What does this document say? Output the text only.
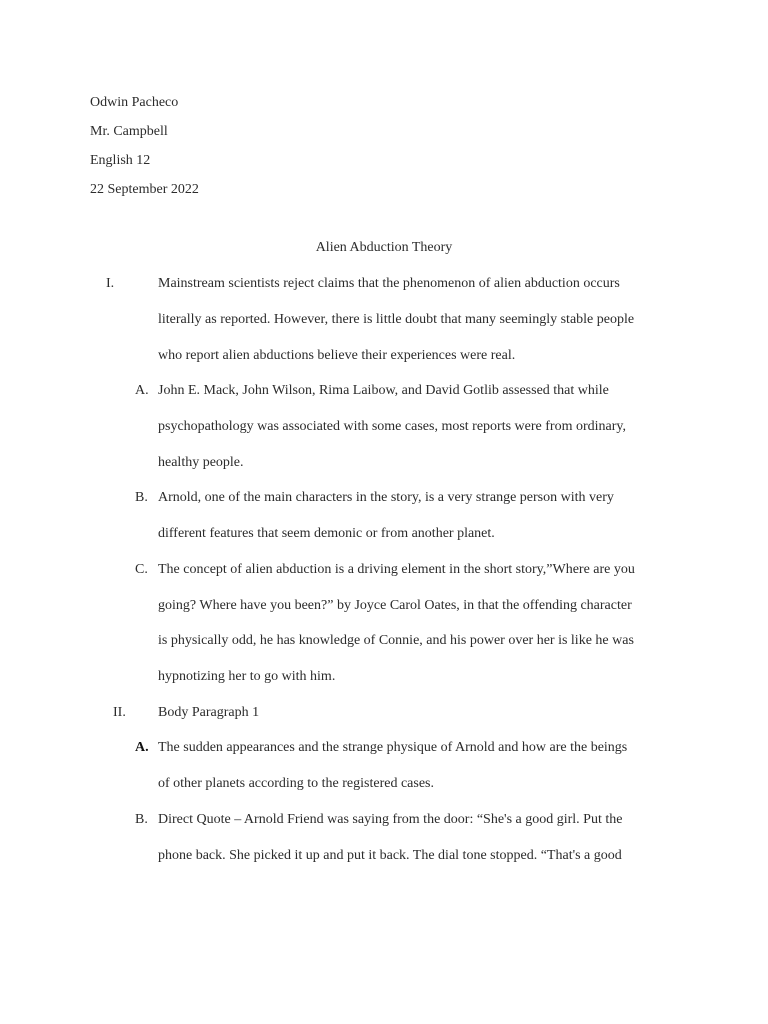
Odwin Pacheco
Mr. Campbell
English 12
22 September 2022
Alien Abduction Theory
I.	Mainstream scientists reject claims that the phenomenon of alien abduction occurs
literally as reported. However, there is little doubt that many seemingly stable people
who report alien abductions believe their experiences were real.
A. John E. Mack, John Wilson, Rima Laibow, and David Gotlib assessed that while
psychopathology was associated with some cases, most reports were from ordinary,
healthy people.
B. Arnold, one of the main characters in the story, is a very strange person with very
different features that seem demonic or from another planet.
C. The concept of alien abduction is a driving element in the short story,”Where are you
going? Where have you been?” by Joyce Carol Oates, in that the offending character
is physically odd, he has knowledge of Connie, and his power over her is like he was
hypnotizing her to go with him.
II. Body Paragraph 1
A. The sudden appearances and the strange physique of Arnold and how are the beings
of other planets according to the registered cases.
B. Direct Quote – Arnold Friend was saying from the door: “She's a good girl. Put the
phone back. She picked it up and put it back. The dial tone stopped. “That's a good
